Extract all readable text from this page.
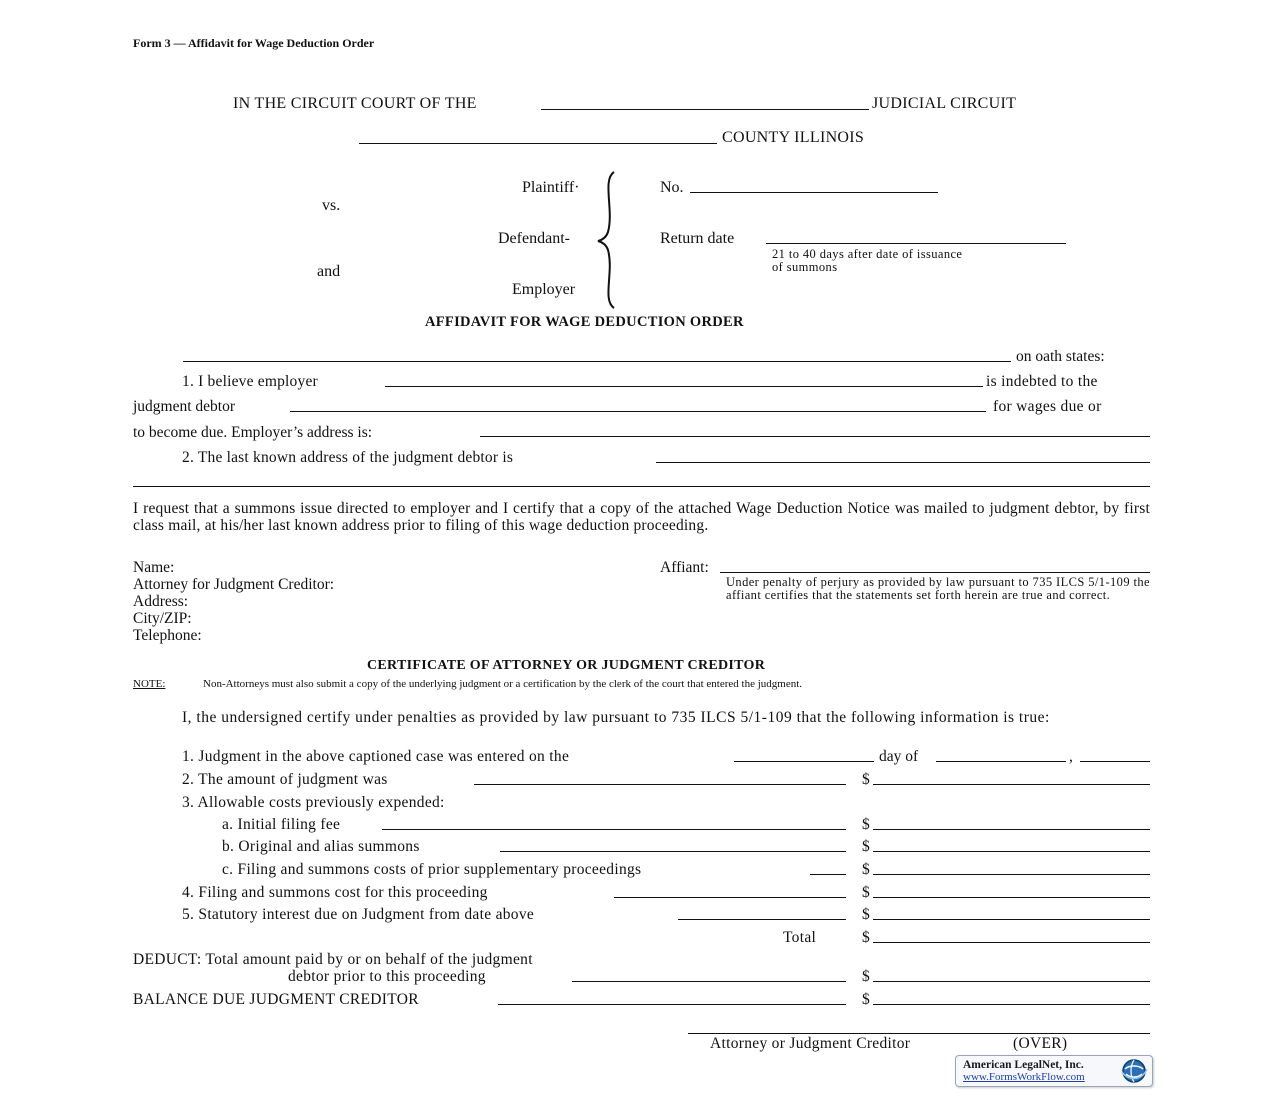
Form 3 — Affidavit for Wage Deduction Order
IN THE CIRCUIT COURT OF THE	JUDICIAL CIRCUIT
COUNTY ILLINOIS
Plaintiff·
vs.
Defendant-
and
Employer
No.
Return date
21 to 40 days after date of issuance
of summons
AFFIDAVIT FOR WAGE DEDUCTION ORDER
on oath states:
1. I believe employer	is indebted to the
judgment debtor	for wages due or
to become due. Employer’s address is:
2. The last known address of the judgment debtor is
I request that a summons issue directed to employer and I certify that a copy of the attached Wage Deduction Notice was mailed to judgment debtor, by first class mail, at his/her last known address prior to filing of this wage deduction proceeding.
Name:
Attorney for Judgment Creditor:
Address:
City/ZIP:
Telephone:
Affiant:
Under penalty of perjury as provided by law pursuant to 735 ILCS 5/1-109 the affiant certifies that the statements set forth herein are true and correct.
CERTIFICATE OF ATTORNEY OR JUDGMENT CREDITOR
NOTE:	Non-Attorneys must also submit a copy of the underlying judgment or a certification by the clerk of the court that entered the judgment.
I, the undersigned certify under penalties as provided by law pursuant to 735 ILCS 5/1-109 that the following information is true:
1. Judgment in the above captioned case was entered on the	day of	,
2. The amount of judgment was	$
3. Allowable costs previously expended:
a. Initial filing fee	$
b. Original and alias summons	$
c. Filing and summons costs of prior supplementary proceedings	$
4. Filing and summons cost for this proceeding	$
5. Statutory interest due on Judgment from date above	$
Total	$
DEDUCT: Total amount paid by or on behalf of the judgment
debtor prior to this proceeding	$
BALANCE DUE JUDGMENT CREDITOR	$
Attorney or Judgment Creditor	(OVER)
American LegalNet, Inc.
www.FormsWorkFlow.com
